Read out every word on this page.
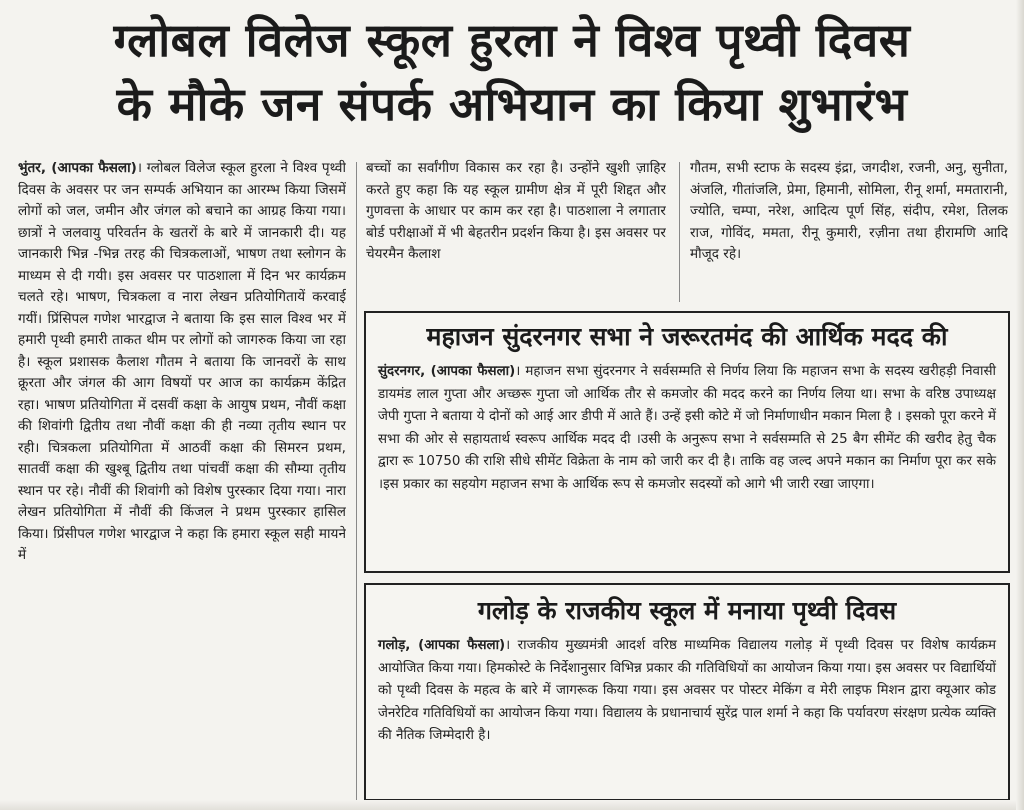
ग्लोबल विलेज स्कूल हुरला ने विश्व पृथ्वी दिवस
के मौके जन संपर्क अभियान का किया शुभारंभ

भुंतर, (आपका फैसला)। ग्लोबल विलेज स्कूल हुरला ने विश्व पृथ्वी दिवस के अवसर पर जन सम्पर्क अभियान का आरम्भ किया जिसमें लोगों को जल, जमीन और जंगल को बचाने का आग्रह किया गया। छात्रों ने जलवायु परिवर्तन के खतरों के बारे में जानकारी दी। यह जानकारी भिन्न -भिन्न तरह की चित्रकलाओं, भाषण तथा स्लोगन के माध्यम से दी गयी। इस अवसर पर पाठशाला में दिन भर कार्यक्रम चलते रहे। भाषण, चित्रकला व नारा लेखन प्रतियोगितायें करवाई गयीं। प्रिंसिपल गणेश भारद्वाज ने बताया कि इस साल विश्व भर में हमारी पृथ्वी हमारी ताकत थीम पर लोगों को जागरुक किया जा रहा है। स्कूल प्रशासक कैलाश गौतम ने बताया कि जानवरों के साथ क्रूरता और जंगल की आग विषयों पर आज का कार्यक्रम केंद्रित रहा। भाषण प्रतियोगिता में दसवीं कक्षा के आयुष प्रथम, नौवीं कक्षा की शिवांगी द्वितीय तथा नौवीं कक्षा की ही नव्या तृतीय स्थान पर रही। चित्रकला प्रतियोगिता में आठवीं कक्षा की सिमरन प्रथम, सातवीं कक्षा की खुश्बू द्वितीय तथा पांचवीं कक्षा की सौम्या तृतीय स्थान पर रहे। नौवीं की शिवांगी को विशेष पुरस्कार दिया गया। नारा लेखन प्रतियोगिता में नौवीं की किंजल ने प्रथम पुरस्कार हासिल किया। प्रिंसीपल गणेश भारद्वाज ने कहा कि हमारा स्कूल सही मायने में

बच्चों का सर्वांगीण विकास कर रहा है। उन्होंने खुशी ज़ाहिर करते हुए कहा कि यह स्कूल ग्रामीण क्षेत्र में पूरी शिद्दत और गुणवत्ता के आधार पर काम कर रहा है। पाठशाला ने लगातार बोर्ड परीक्षाओं में भी बेहतरीन प्रदर्शन किया है। इस अवसर पर चेयरमैन कैलाश

गौतम, सभी स्टाफ के सदस्य इंद्रा, जगदीश, रजनी, अनु, सुनीता, अंजलि, गीतांजलि, प्रेमा, हिमानी, सोमिला, रीनू शर्मा, ममतारानी, ज्योति, चम्पा, नरेश, आदित्य पूर्ण सिंह, संदीप, रमेश, तिलक राज, गोविंद, ममता, रीनू कुमारी, रज़ीना तथा हीरामणि आदि मौजूद रहे।

महाजन सुंदरनगर सभा ने जरूरतमंद की आर्थिक मदद की

सुंदरनगर, (आपका फैसला)। महाजन सभा सुंदरनगर ने सर्वसम्मति से निर्णय लिया कि महाजन सभा के सदस्य खरीहड़ी निवासी डायमंड लाल गुप्ता और अच्छरू गुप्ता जो आर्थिक तौर से कमजोर की मदद करने का निर्णय लिया था। सभा के वरिष्ठ उपाध्यक्ष जेपी गुप्ता ने बताया ये दोनों को आई आर डीपी में आते हैं। उन्हें इसी कोटे में जो निर्माणाधीन मकान मिला है । इसको पूरा करने में सभा की ओर से सहायतार्थ स्वरूप आर्थिक मदद दी ।उसी के अनुरूप सभा ने सर्वसम्मति से 25 बैग सीमेंट की खरीद हेतु चैक द्वारा रू 10750 की राशि सीधे सीमेंट विक्रेता के नाम को जारी कर दी है। ताकि वह जल्द अपने मकान का निर्माण पूरा कर सके ।इस प्रकार का सहयोग महाजन सभा के आर्थिक रूप से कमजोर सदस्यों को आगे भी जारी रखा जाएगा।

गलोड़ के राजकीय स्कूल में मनाया पृथ्वी दिवस

गलोड़, (आपका फैसला)। राजकीय मुख्यमंत्री आदर्श वरिष्ठ माध्यमिक विद्यालय गलोड़ में पृथ्वी दिवस पर विशेष कार्यक्रम आयोजित किया गया। हिमकोस्टे के निर्देशानुसार विभिन्न प्रकार की गतिविधियों का आयोजन किया गया। इस अवसर पर विद्यार्थियों को पृथ्वी दिवस के महत्व के बारे में जागरूक किया गया। इस अवसर पर पोस्टर मेकिंग व मेरी लाइफ मिशन द्वारा क्यूआर कोड जेनरेटिव गतिविधियों का आयोजन किया गया। विद्यालय के प्रधानाचार्य सुरेंद्र पाल शर्मा ने कहा कि पर्यावरण संरक्षण प्रत्येक व्यक्ति की नैतिक जिम्मेदारी है।
